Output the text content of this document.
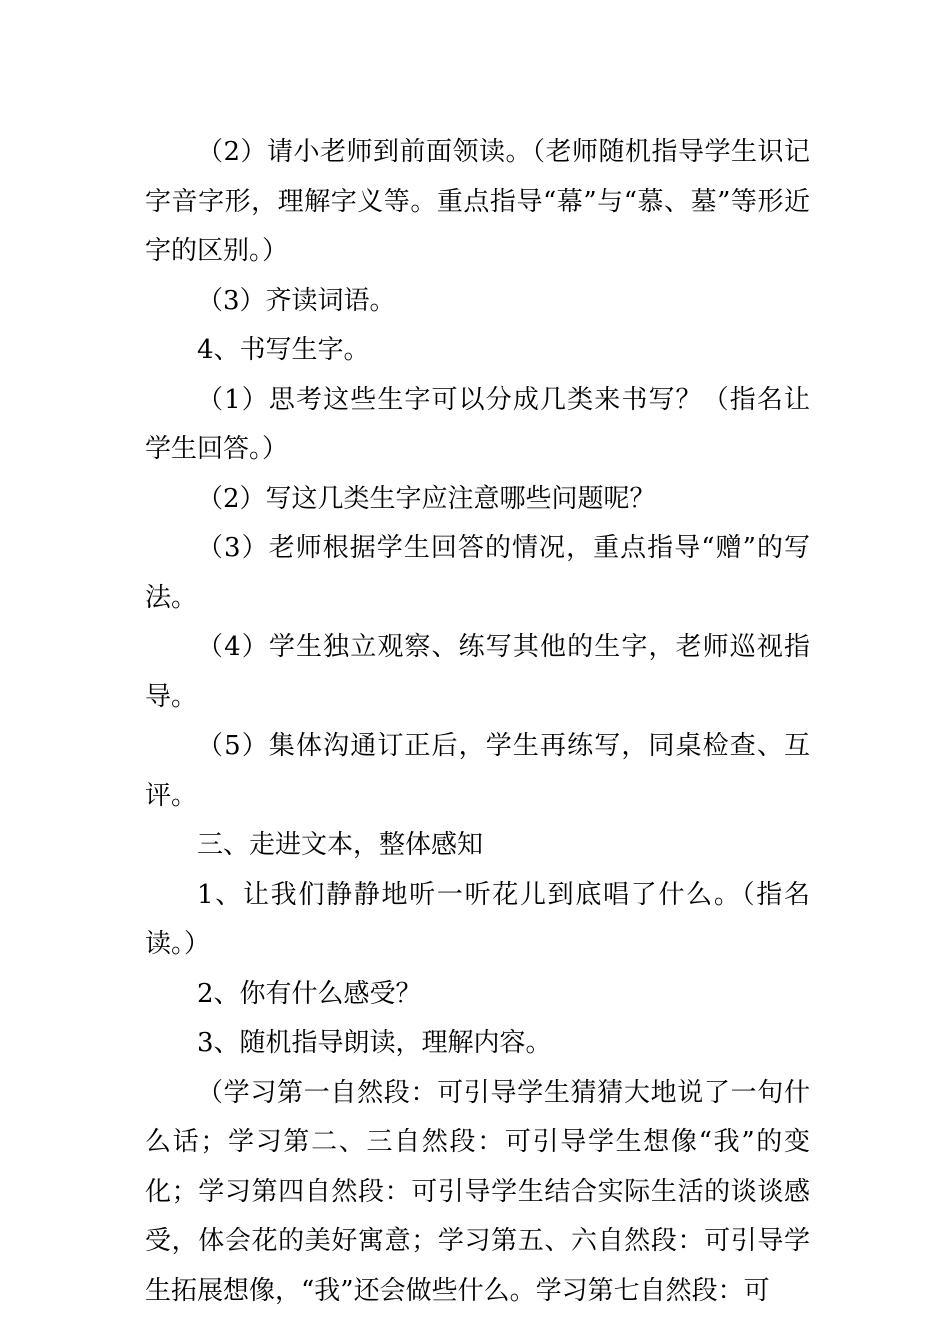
（2）请小老师到前面领读。（老师随机指导学生识记字音字形，理解字义等。重点指导“幕”与“慕、墓”等形近字的区别。）

（3）齐读词语。

4、书写生字。

（1）思考这些生字可以分成几类来书写？（指名让学生回答。）

（2）写这几类生字应注意哪些问题呢？

（3）老师根据学生回答的情况，重点指导“赠”的写法。

（4）学生独立观察、练写其他的生字，老师巡视指导。

（5）集体沟通订正后，学生再练写，同桌检查、互评。

三、走进文本，整体感知

1、让我们静静地听一听花儿到底唱了什么。（指名读。）

2、你有什么感受？

3、随机指导朗读，理解内容。

（学习第一自然段：可引导学生猜猜大地说了一句什么话；学习第二、三自然段：可引导学生想像“我”的变化；学习第四自然段：可引导学生结合实际生活的谈谈感受，体会花的美好寓意；学习第五、六自然段：可引导学生拓展想像，“我”还会做些什么。学习第七自然段：可
